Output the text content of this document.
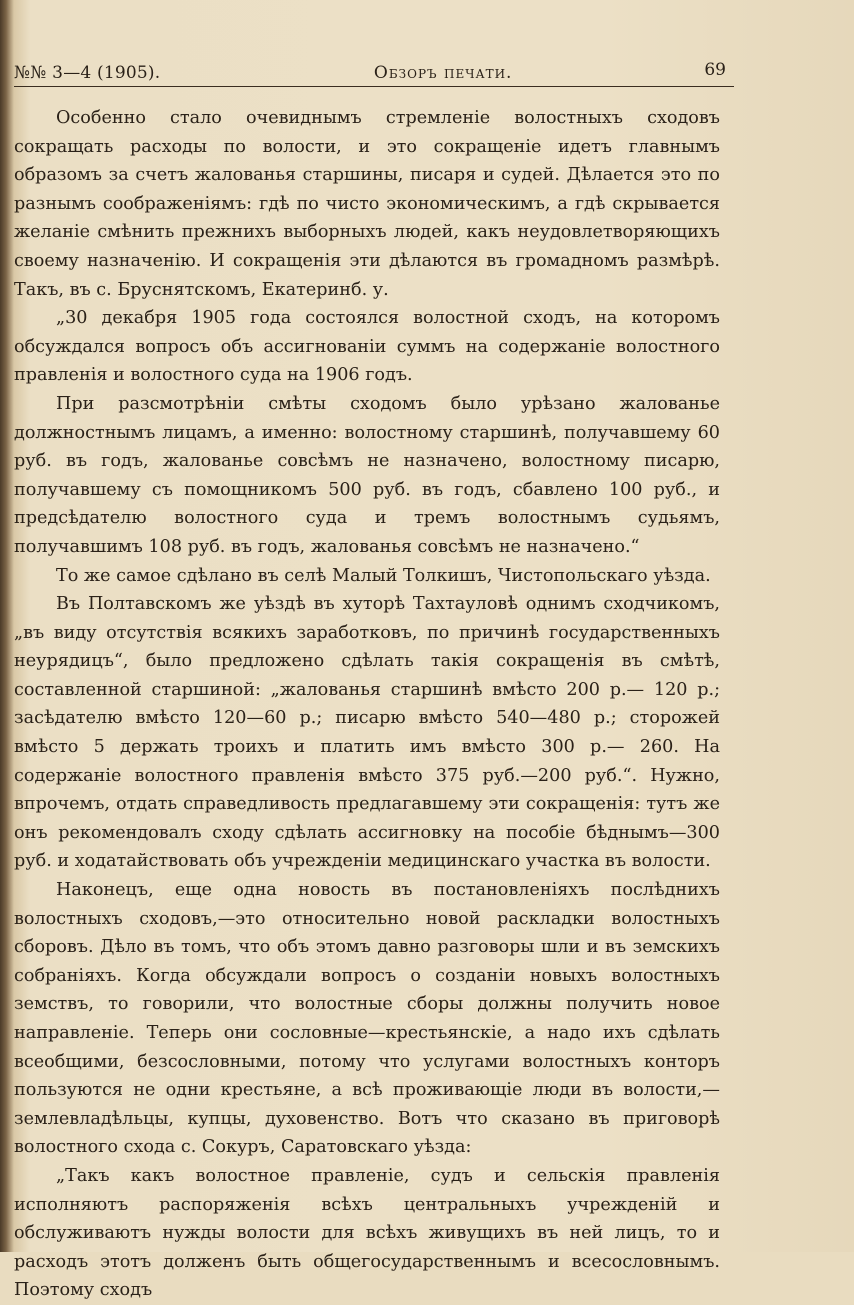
№№ 3—4 (1905).	Обзоръ печати.	69

Особенно стало очевиднымъ стремленіе волостныхъ сходовъ сокращать расходы по волости, и это сокращеніе идетъ главнымъ образомъ за счетъ жалованья старшины, писаря и судей. Дѣлается это по разнымъ соображеніямъ: гдѣ по чисто экономическимъ, а гдѣ скрывается желаніе смѣнить прежнихъ выборныхъ людей, какъ неудовлетворяющихъ своему назначенію. И сокращенія эти дѣлаются въ громадномъ размѣрѣ. Такъ, въ с. Бруснятскомъ, Екатеринб. у.

„30 декабря 1905 года состоялся волостной сходъ, на которомъ обсуждался вопросъ объ ассигнованіи суммъ на содержаніе волостного правленія и волостного суда на 1906 годъ.

При разсмотрѣніи смѣты сходомъ было урѣзано жалованье должностнымъ лицамъ, а именно: волостному старшинѣ, получавшему 60 руб. въ годъ, жалованье совсѣмъ не назначено, волостному писарю, получавшему съ помощникомъ 500 руб. въ годъ, сбавлено 100 руб., и предсѣдателю волостного суда и тремъ волостнымъ судьямъ, получавшимъ 108 руб. въ годъ, жалованья совсѣмъ не назначено.“

То же самое сдѣлано въ селѣ Малый Толкишъ, Чистопольскаго уѣзда.

Въ Полтавскомъ же уѣздѣ въ хуторѣ Тахтауловѣ однимъ сходчикомъ, „въ виду отсутствія всякихъ заработковъ, по причинѣ государственныхъ неурядицъ“, было предложено сдѣлать такія сокращенія въ смѣтѣ, составленной старшиной: „жалованья старшинѣ вмѣсто 200 р.— 120 р.; засѣдателю вмѣсто 120—60 р.; писарю вмѣсто 540—480 р.; сторожей вмѣсто 5 держать троихъ и платить имъ вмѣсто 300 р.— 260. На содержаніе волостного правленія вмѣсто 375 руб.—200 руб.“. Нужно, впрочемъ, отдать справедливость предлагавшему эти сокращенія: тутъ же онъ рекомендовалъ сходу сдѣлать ассигновку на пособіе бѣднымъ—300 руб. и ходатайствовать объ учрежденіи медицинскаго участка въ волости.

Наконецъ, еще одна новость въ постановленіяхъ послѣднихъ волостныхъ сходовъ,—это относительно новой раскладки волостныхъ сборовъ. Дѣло въ томъ, что объ этомъ давно разговоры шли и въ земскихъ собраніяхъ. Когда обсуждали вопросъ о созданіи новыхъ волостныхъ земствъ, то говорили, что волостные сборы должны получить новое направленіе. Теперь они сословные—крестьянскіе, а надо ихъ сдѣлать всеобщими, безсословными, потому что услугами волостныхъ конторъ пользуются не одни крестьяне, а всѣ проживающіе люди въ волости,—землевладѣльцы, купцы, духовенство. Вотъ что сказано въ приговорѣ волостного схода с. Сокуръ, Саратовскаго уѣзда:

„Такъ какъ волостное правленіе, судъ и сельскія правленія исполняютъ распоряженія всѣхъ центральныхъ учрежденій и обслуживаютъ нужды волости для всѣхъ живущихъ въ ней лицъ, то и расходъ этотъ долженъ быть общегосударственнымъ и всесословнымъ. Поэтому сходъ
